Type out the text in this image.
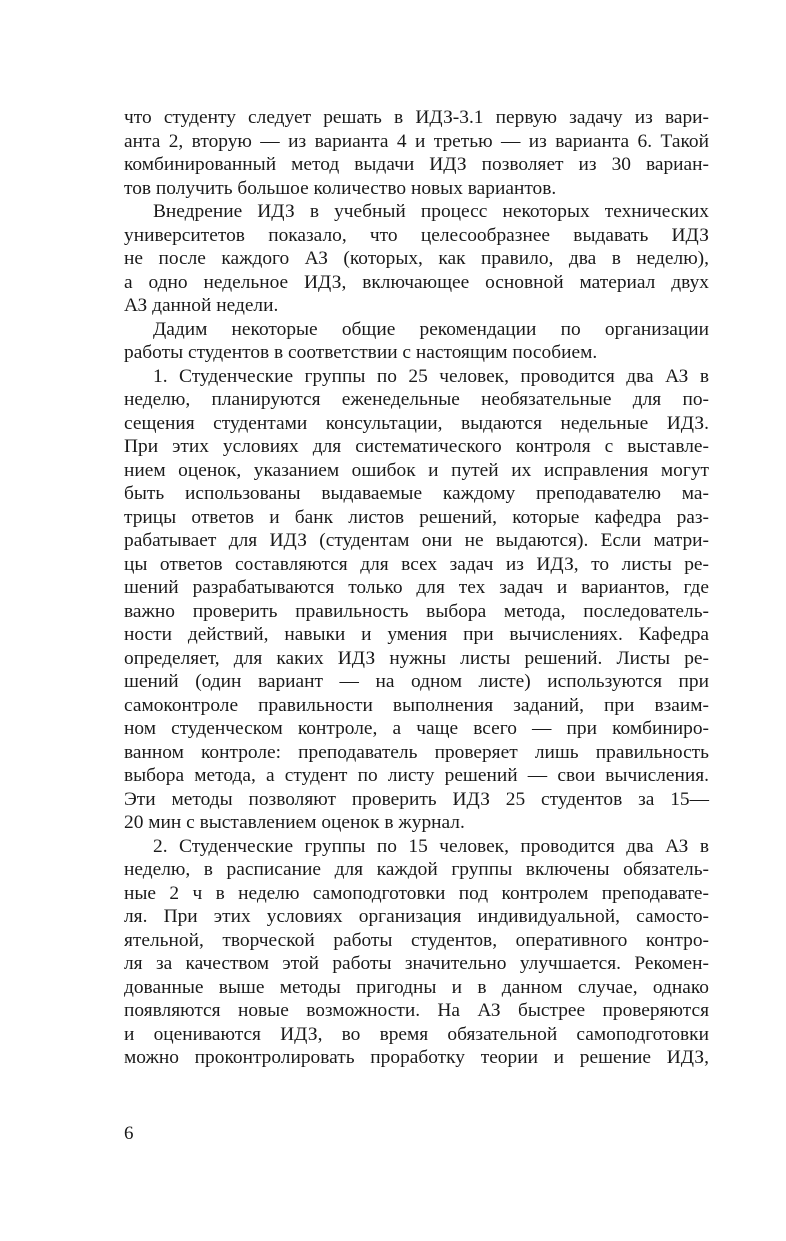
что студенту следует решать в ИДЗ-3.1 первую задачу из вари-

анта 2, вторую — из варианта 4 и третью — из варианта 6. Такой

комбинированный метод выдачи ИДЗ позволяет из 30 вариан-

тов получить большое количество новых вариантов.

Внедрение ИДЗ в учебный процесс некоторых технических

университетов показало, что целесообразнее выдавать ИДЗ

не после каждого АЗ (которых, как правило, два в неделю),

а одно недельное ИДЗ, включающее основной материал двух

АЗ данной недели.

Дадим некоторые общие рекомендации по организации

работы студентов в соответствии с настоящим пособием.

1. Студенческие группы по 25 человек, проводится два АЗ в

неделю, планируются еженедельные необязательные для по-

сещения студентами консультации, выдаются недельные ИДЗ.

При этих условиях для систематического контроля с выставле-

нием оценок, указанием ошибок и путей их исправления могут

быть использованы выдаваемые каждому преподавателю ма-

трицы ответов и банк листов решений, которые кафедра раз-

рабатывает для ИДЗ (студентам они не выдаются). Если матри-

цы ответов составляются для всех задач из ИДЗ, то листы ре-

шений разрабатываются только для тех задач и вариантов, где

важно проверить правильность выбора метода, последователь-

ности действий, навыки и умения при вычислениях. Кафедра

определяет, для каких ИДЗ нужны листы решений. Листы ре-

шений (один вариант — на одном листе) используются при

самоконтроле правильности выполнения заданий, при взаим-

ном студенческом контроле, а чаще всего — при комбиниро-

ванном контроле: преподаватель проверяет лишь правильность

выбора метода, а студент по листу решений — свои вычисления.

Эти методы позволяют проверить ИДЗ 25 студентов за 15—

20 мин с выставлением оценок в журнал.

2. Студенческие группы по 15 человек, проводится два АЗ в

неделю, в расписание для каждой группы включены обязатель-

ные 2 ч в неделю самоподготовки под контролем преподавате-

ля. При этих условиях организация индивидуальной, самосто-

ятельной, творческой работы студентов, оперативного контро-

ля за качеством этой работы значительно улучшается. Рекомен-

дованные выше методы пригодны и в данном случае, однако

появляются новые возможности. На АЗ быстрее проверяются

и оцениваются ИДЗ, во время обязательной самоподготовки

можно проконтролировать проработку теории и решение ИДЗ,

6
